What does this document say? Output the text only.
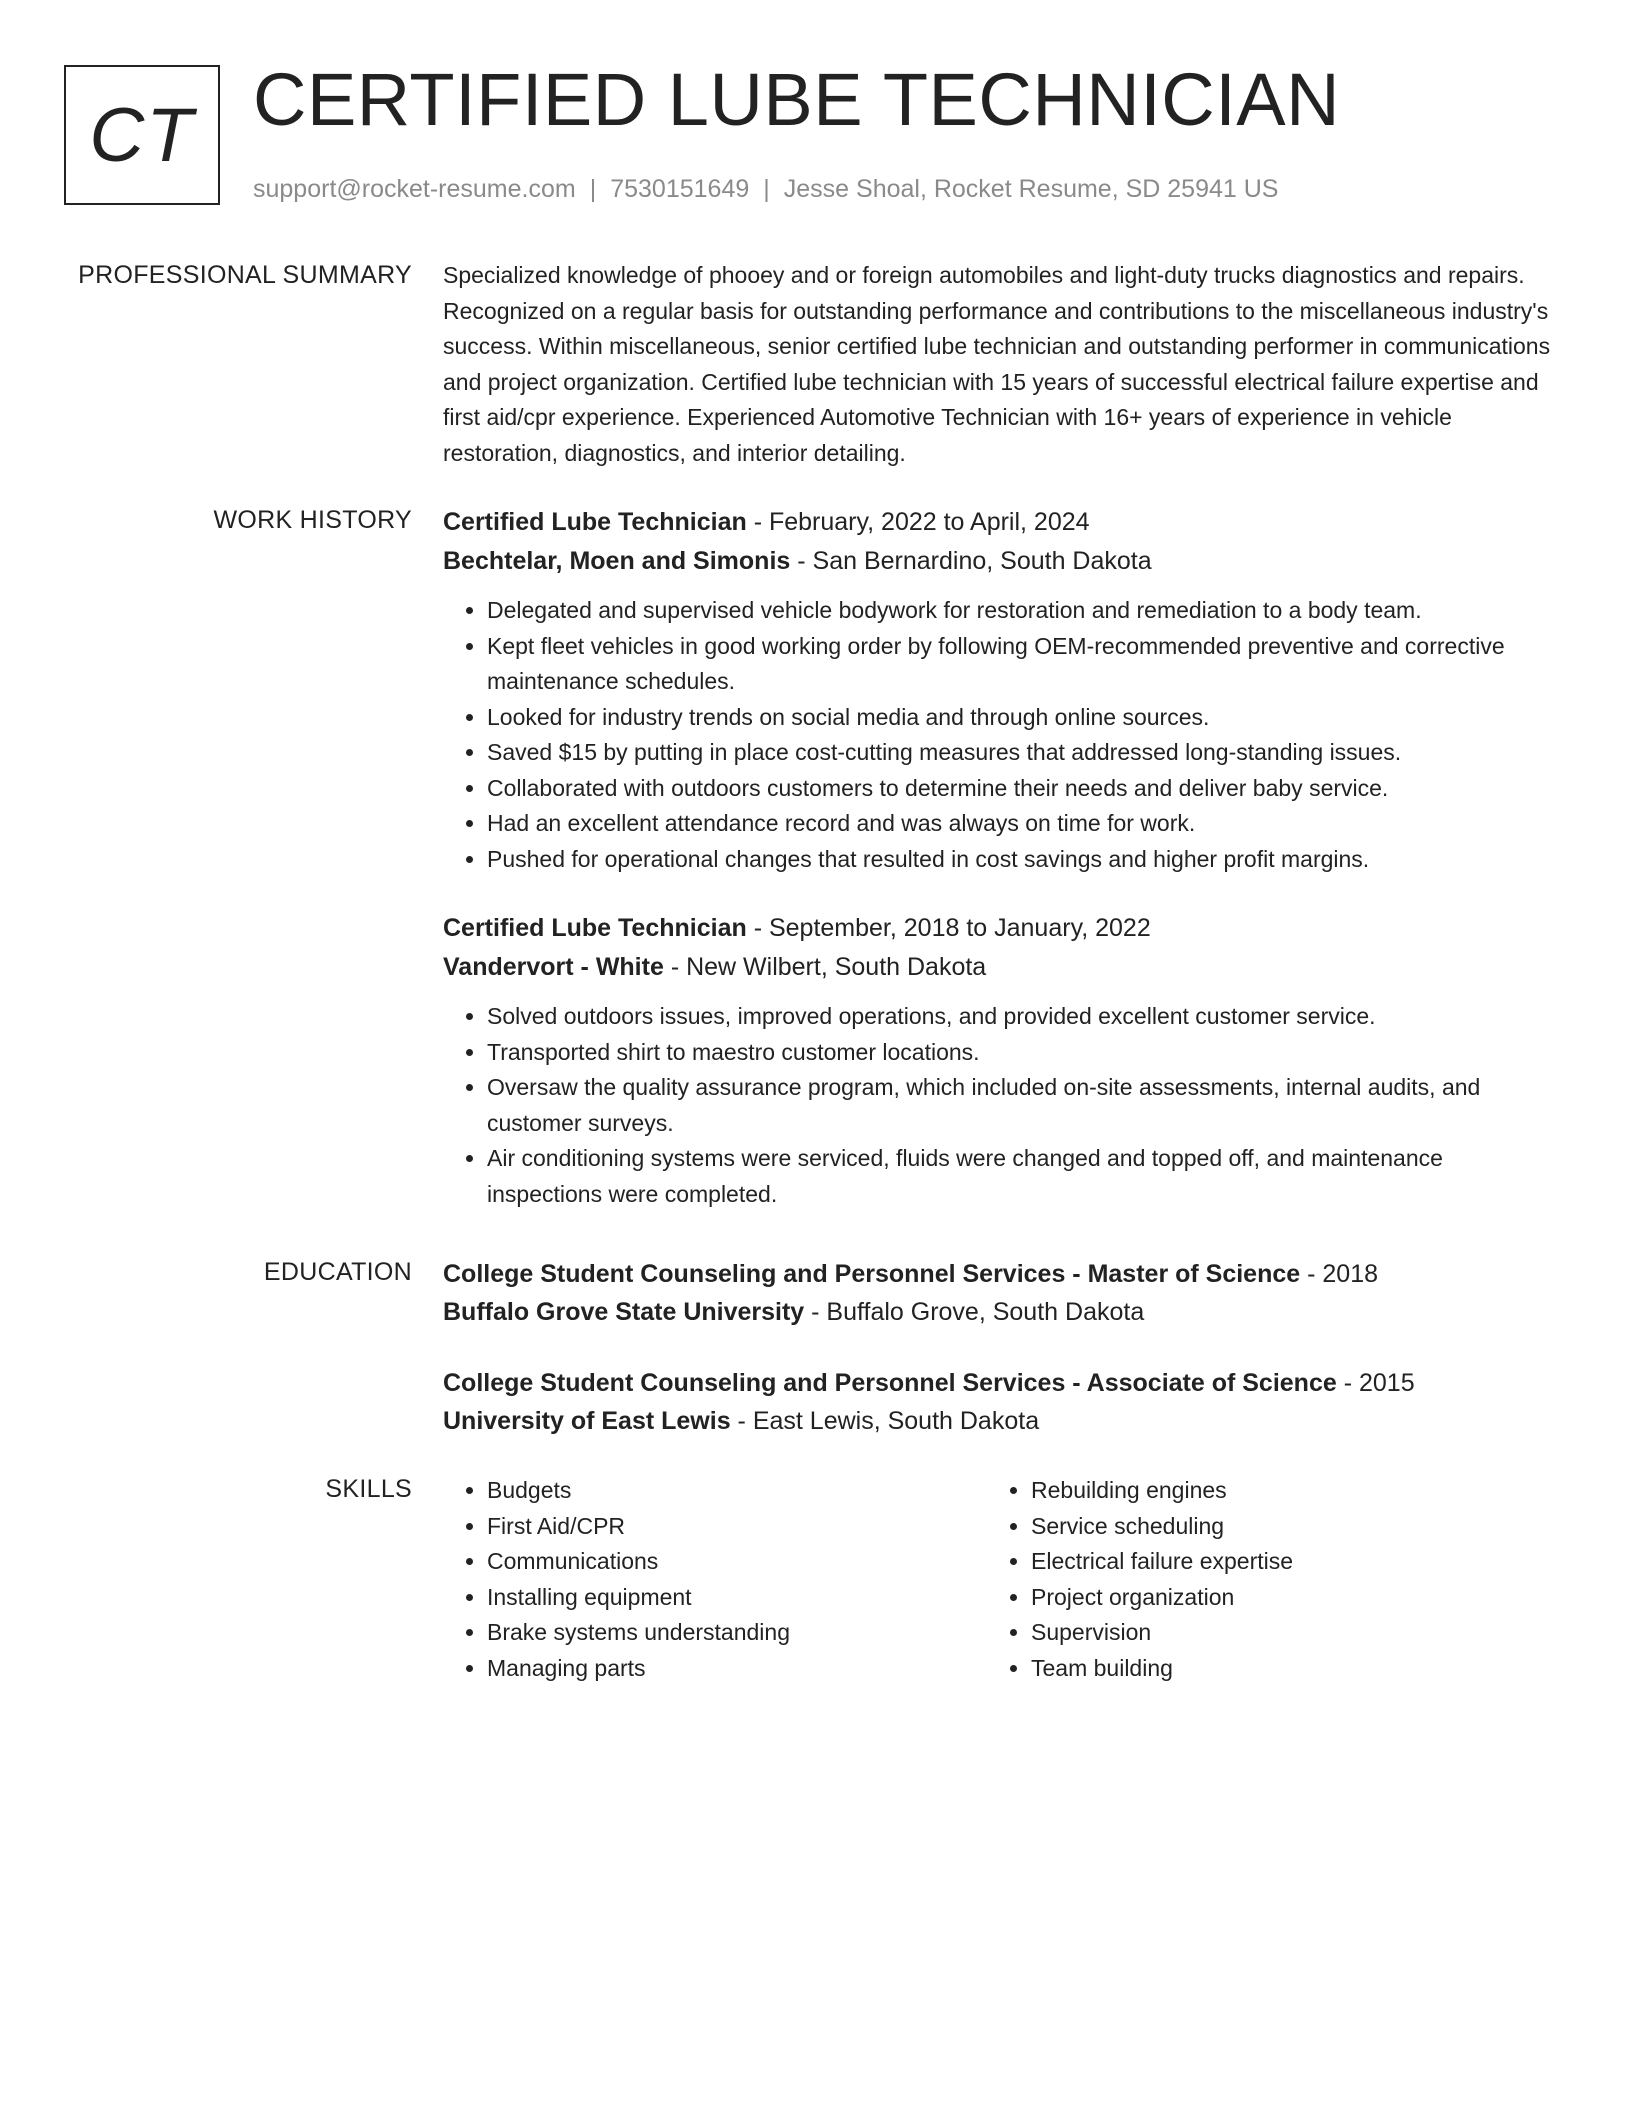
CT CERTIFIED LUBE TECHNICIAN
support@rocket-resume.com | 7530151649 | Jesse Shoal, Rocket Resume, SD 25941 US
PROFESSIONAL SUMMARY Specialized knowledge of phooey and or foreign automobiles and light-duty trucks diagnostics and repairs. Recognized on a regular basis for outstanding performance and contributions to the miscellaneous industry's success. Within miscellaneous, senior certified lube technician and outstanding performer in communications and project organization. Certified lube technician with 15 years of successful electrical failure expertise and first aid/cpr experience. Experienced Automotive Technician with 16+ years of experience in vehicle restoration, diagnostics, and interior detailing.

WORK HISTORY Certified Lube Technician - February, 2022 to April, 2024
Bechtelar, Moen and Simonis - San Bernardino, South Dakota
• Delegated and supervised vehicle bodywork for restoration and remediation to a body team.
• Kept fleet vehicles in good working order by following OEM-recommended preventive and corrective maintenance schedules.
• Looked for industry trends on social media and through online sources.
• Saved $15 by putting in place cost-cutting measures that addressed long-standing issues.
• Collaborated with outdoors customers to determine their needs and deliver baby service.
• Had an excellent attendance record and was always on time for work.
• Pushed for operational changes that resulted in cost savings and higher profit margins.
Certified Lube Technician - September, 2018 to January, 2022
Vandervort - White - New Wilbert, South Dakota
• Solved outdoors issues, improved operations, and provided excellent customer service.
• Transported shirt to maestro customer locations.
• Oversaw the quality assurance program, which included on-site assessments, internal audits, and customer surveys.
• Air conditioning systems were serviced, fluids were changed and topped off, and maintenance inspections were completed.
EDUCATION College Student Counseling and Personnel Services - Master of Science - 2018
Buffalo Grove State University - Buffalo Grove, South Dakota
College Student Counseling and Personnel Services - Associate of Science - 2015
University of East Lewis - East Lewis, South Dakota
SKILLS
•	Budgets
• First Aid/CPR
• Communications
• Installing equipment
• Brake systems understanding
• Managing parts
• Rebuilding engines
• Service scheduling
• Electrical failure expertise
• Project organization
• Supervision
• Team building
